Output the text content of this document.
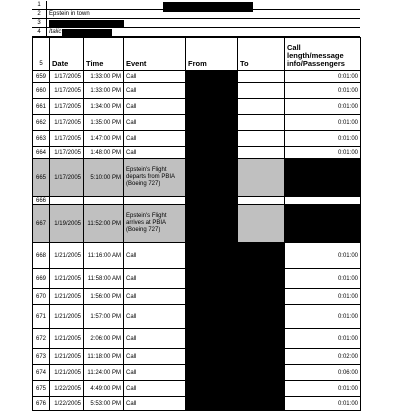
1
2	Epstein in town
3
4	Italic
5	Date	Time	Event	From	To	Call length/message info/Passengers
659	1/17/2005	1:33:00 PM	Call			0:01:00
660	1/17/2005	1:33:00 PM	Call			0:01:00
661	1/17/2005	1:34:00 PM	Call			0:01:00
662	1/17/2005	1:35:00 PM	Call			0:01:00
663	1/17/2005	1:47:00 PM	Call			0:01:00
664	1/17/2005	1:48:00 PM	Call			0:01:00
665	1/17/2005	5:10:00 PM	Epstein's Flight departs from PBIA (Boeing 727)			
666						
667	1/19/2005	11:52:00 PM	Epstein's Flight arrives at PBIA (Boeing 727)			
668	1/21/2005	11:16:00 AM	Call			0:01:00
669	1/21/2005	11:58:00 AM	Call			0:01:00
670	1/21/2005	1:56:00 PM	Call			0:01:00
671	1/21/2005	1:57:00 PM	Call			0:01:00
672	1/21/2005	2:06:00 PM	Call			0:01:00
673	1/21/2005	11:18:00 PM	Call			0:02:00
674	1/21/2005	11:24:00 PM	Call			0:06:00
675	1/22/2005	4:49:00 PM	Call			0:01:00
676	1/22/2005	5:53:00 PM	Call			0:01:00
